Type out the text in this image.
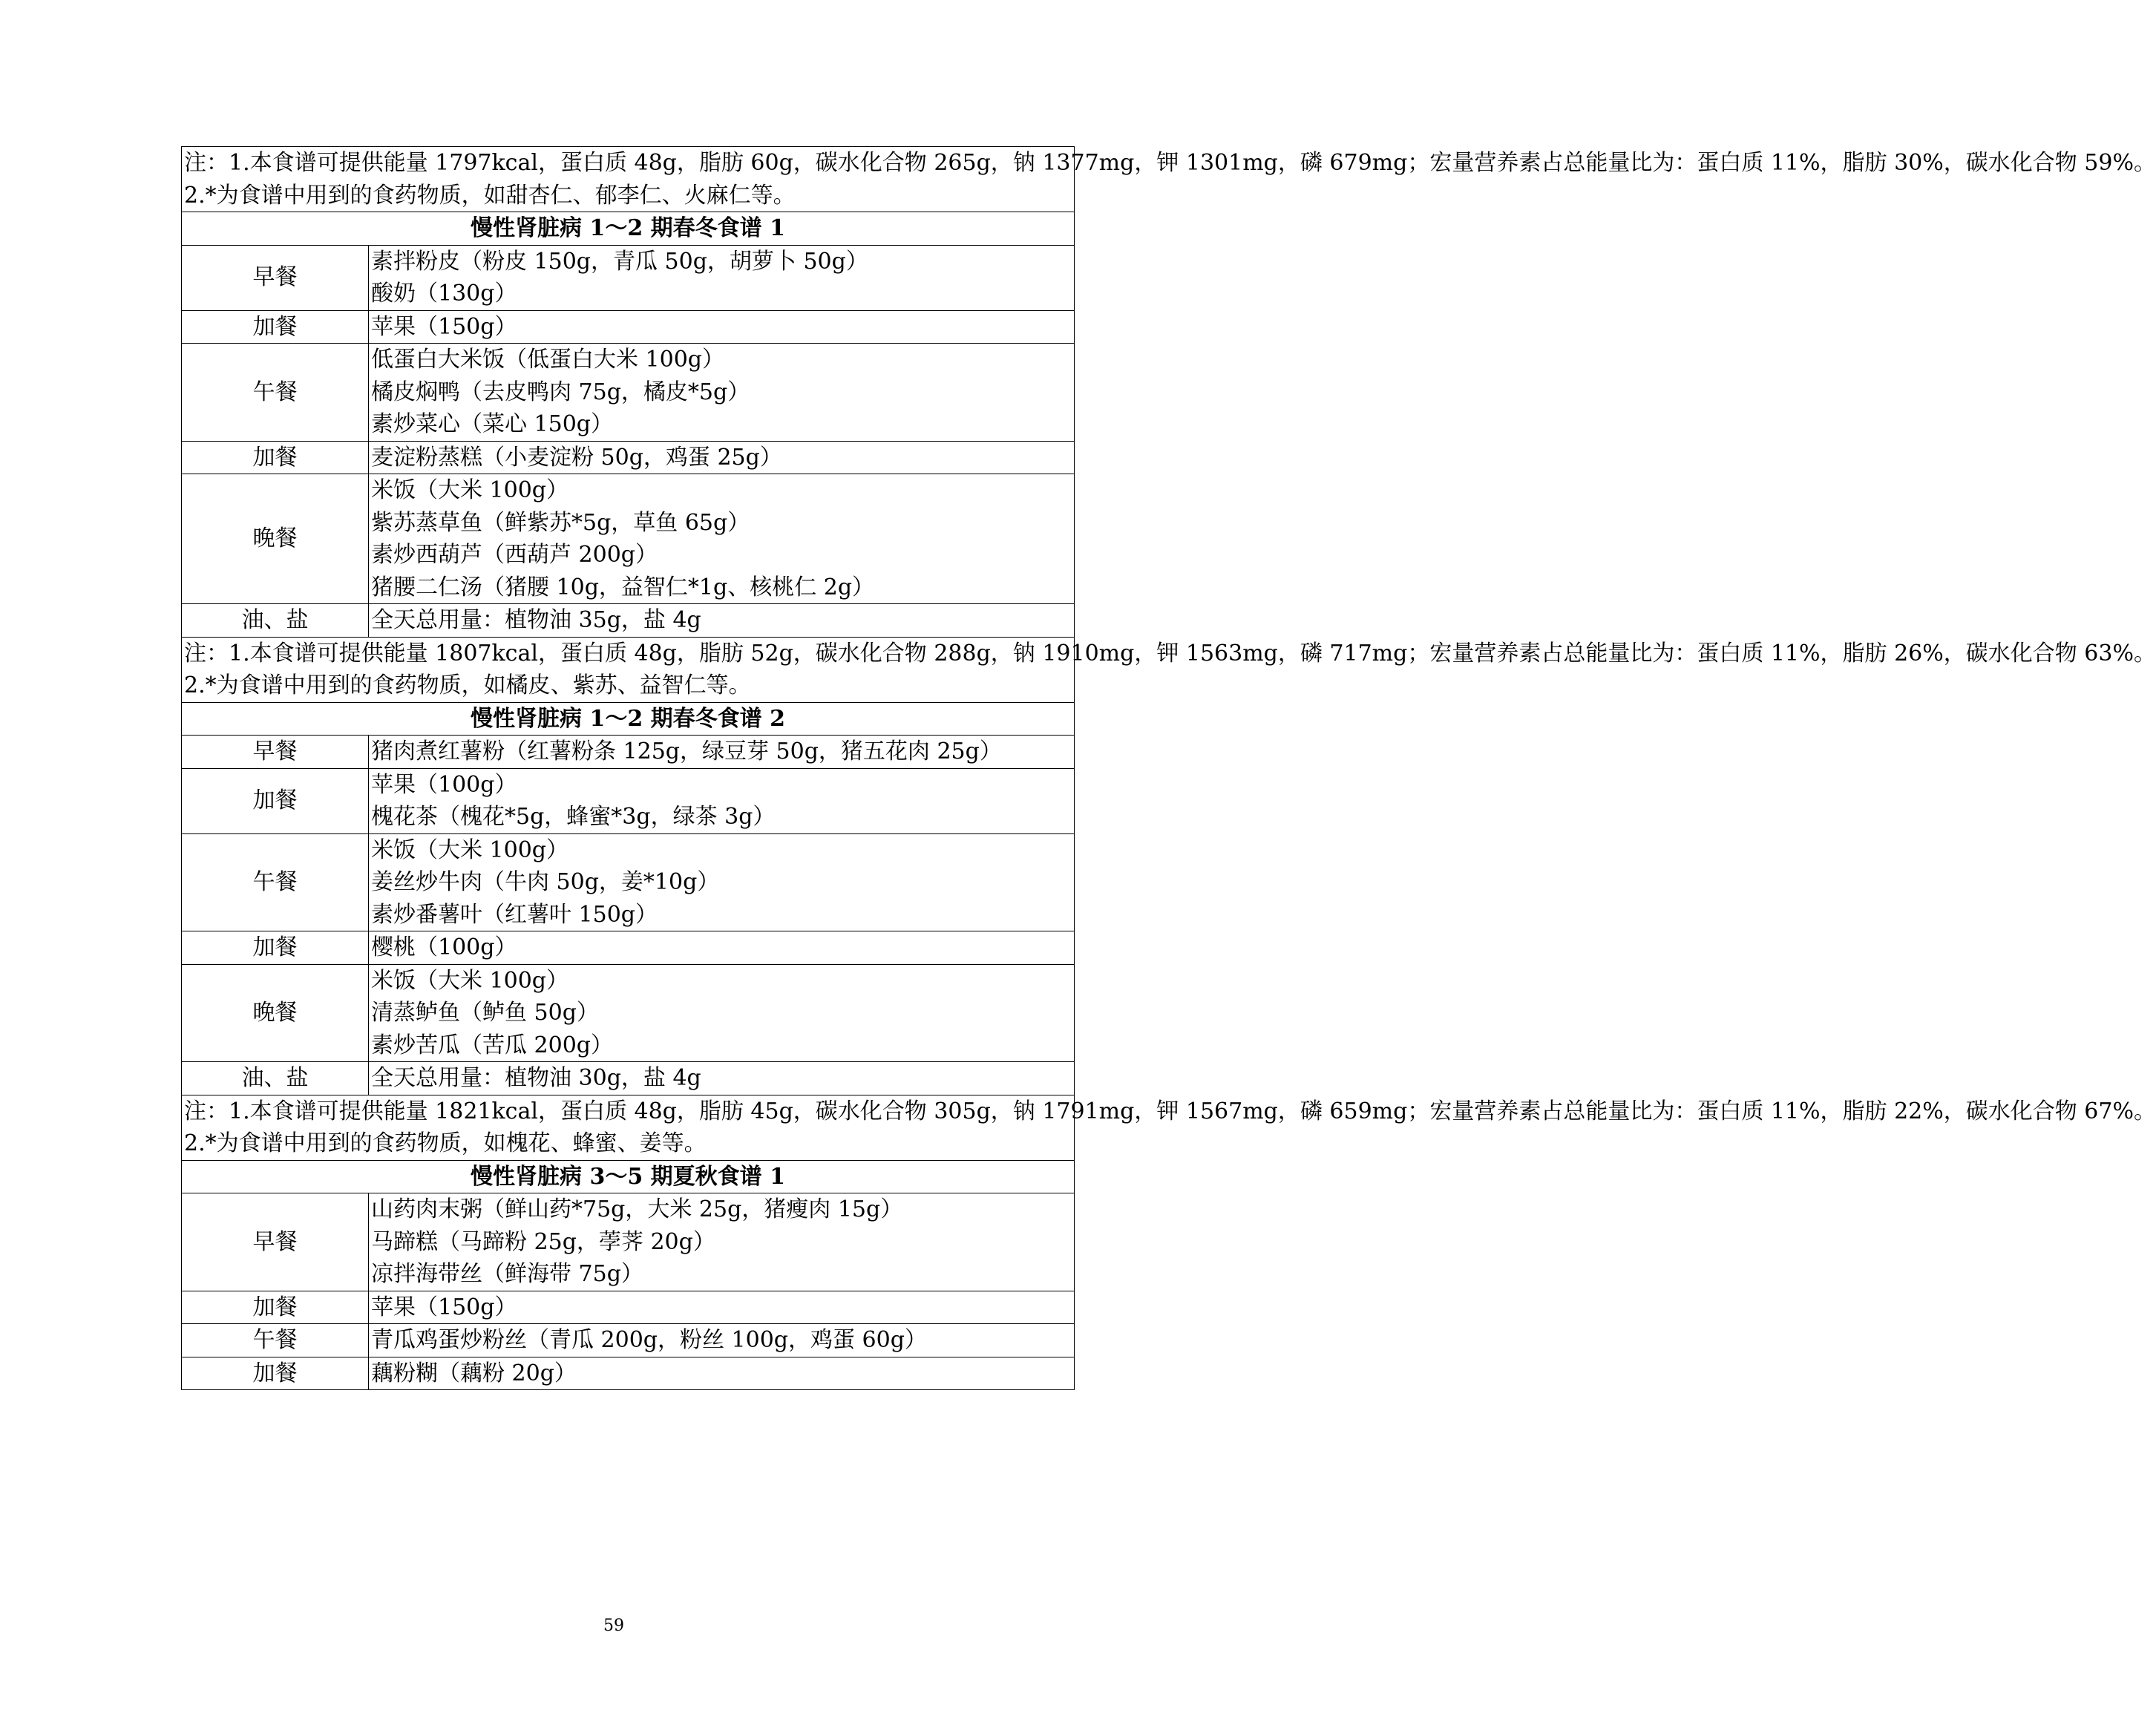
注：1.本食谱可提供能量 1797kcal，蛋白质 48g，脂肪 60g，碳水化合物 265g，钠 1377mg，钾 1301mg，磷 679mg；宏量营养素占总能量比为：蛋白质 11%，脂肪 30%，碳水化合物 59%。
2.*为食谱中用到的食药物质，如甜杏仁、郁李仁、火麻仁等。	

慢性肾脏病 1～2 期春冬食谱 1	
早餐	素拌粉皮（粉皮 150g，青瓜 50g，胡萝卜 50g）
酸奶（130g）

加餐	苹果（150g）

午餐	低蛋白大米饭（低蛋白大米 100g）
橘皮焖鸭（去皮鸭肉 75g，橘皮*5g）
素炒菜心（菜心 150g）

加餐	麦淀粉蒸糕（小麦淀粉 50g，鸡蛋 25g）

晚餐	米饭（大米 100g）
紫苏蒸草鱼（鲜紫苏*5g，草鱼 65g）
素炒西葫芦（西葫芦 200g）
猪腰二仁汤（猪腰 10g，益智仁*1g、核桃仁 2g）

油、盐	全天总用量：植物油 35g，盐 4g

注：1.本食谱可提供能量 1807kcal，蛋白质 48g，脂肪 52g，碳水化合物 288g，钠 1910mg，钾 1563mg，磷 717mg；宏量营养素占总能量比为：蛋白质 11%，脂肪 26%，碳水化合物 63%。
2.*为食谱中用到的食药物质，如橘皮、紫苏、益智仁等。	

慢性肾脏病 1～2 期春冬食谱 2	
早餐	猪肉煮红薯粉（红薯粉条 125g，绿豆芽 50g，猪五花肉 25g）

加餐	苹果（100g）
槐花茶（槐花*5g，蜂蜜*3g，绿茶 3g）

午餐	米饭（大米 100g）
姜丝炒牛肉（牛肉 50g，姜*10g）
素炒番薯叶（红薯叶 150g）

加餐	樱桃（100g）

晚餐	米饭（大米 100g）
清蒸鲈鱼（鲈鱼 50g）
素炒苦瓜（苦瓜 200g）

油、盐	全天总用量：植物油 30g，盐 4g

注：1.本食谱可提供能量 1821kcal，蛋白质 48g，脂肪 45g，碳水化合物 305g，钠 1791mg，钾 1567mg，磷 659mg；宏量营养素占总能量比为：蛋白质 11%，脂肪 22%，碳水化合物 67%。
2.*为食谱中用到的食药物质，如槐花、蜂蜜、姜等。	

慢性肾脏病 3～5 期夏秋食谱 1	
早餐	山药肉末粥（鲜山药*75g，大米 25g，猪瘦肉 15g）
马蹄糕（马蹄粉 25g，荸荠 20g）
凉拌海带丝（鲜海带 75g）

加餐	苹果（150g）

午餐	青瓜鸡蛋炒粉丝（青瓜 200g，粉丝 100g，鸡蛋 60g）

加餐	藕粉糊（藕粉 20g）
59
